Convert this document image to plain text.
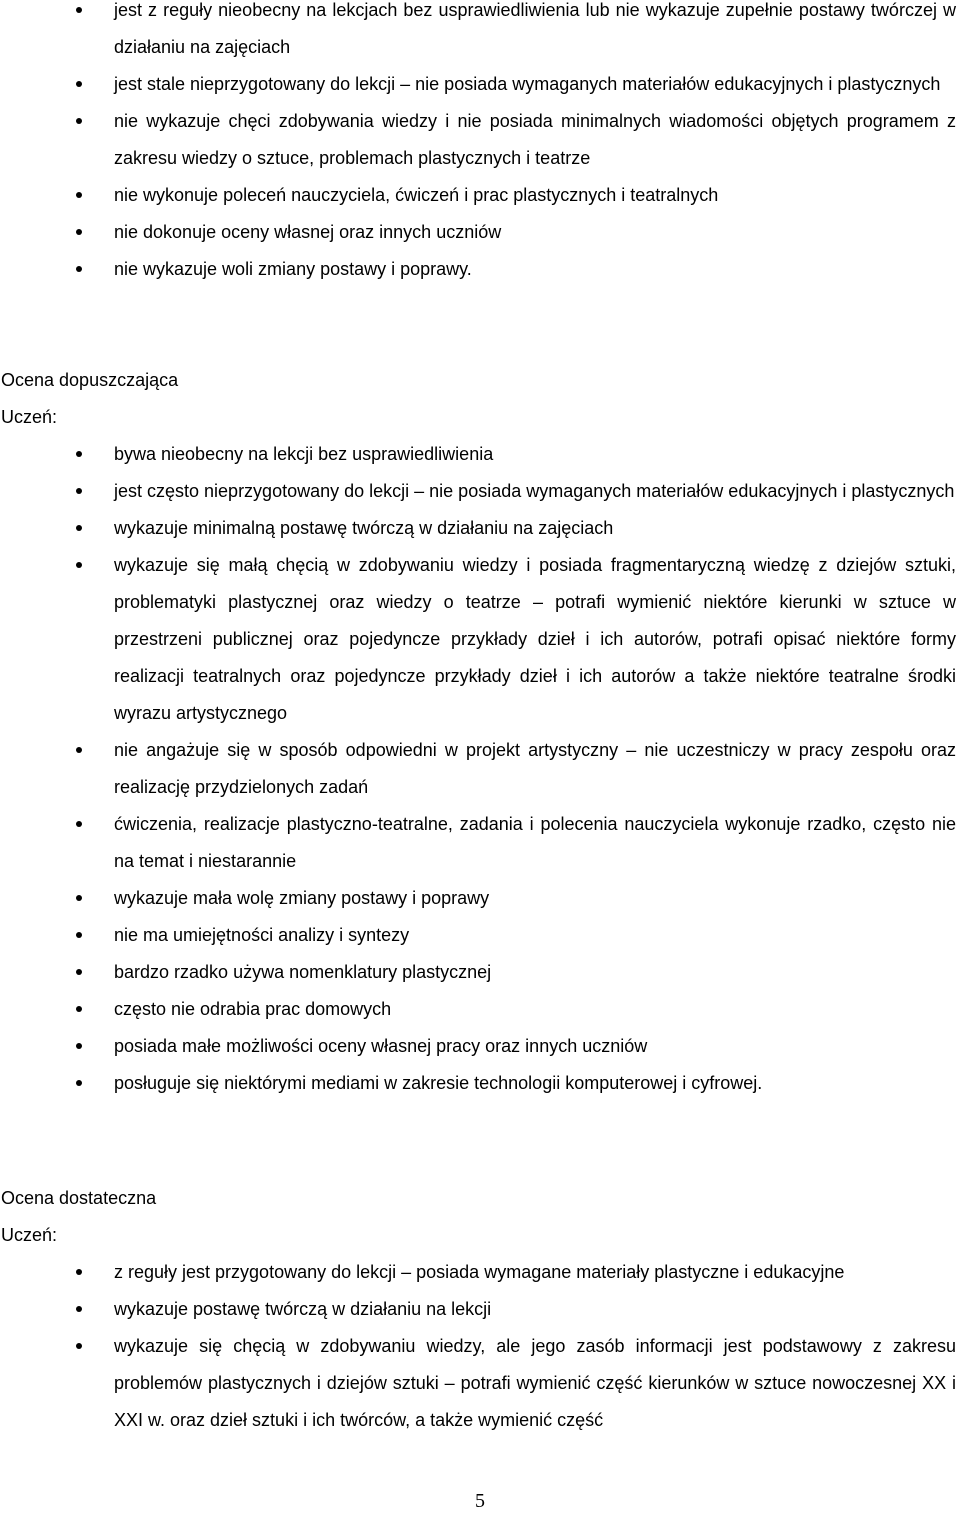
jest z reguły nieobecny na lekcjach bez usprawiedliwienia lub nie wykazuje zupełnie postawy twórczej w działaniu na zajęciach
jest stale nieprzygotowany do lekcji – nie posiada wymaganych materiałów edukacyjnych i plastycznych
nie wykazuje chęci zdobywania wiedzy i nie posiada minimalnych wiadomości objętych programem z zakresu wiedzy o sztuce, problemach plastycznych i teatrze
nie wykonuje poleceń nauczyciela, ćwiczeń i prac plastycznych i teatralnych
nie dokonuje oceny własnej oraz innych uczniów
nie wykazuje woli zmiany postawy i poprawy.

Ocena dopuszczająca

Uczeń:

bywa nieobecny na lekcji bez usprawiedliwienia
jest często nieprzygotowany do lekcji – nie posiada wymaganych materiałów edukacyjnych i plastycznych
wykazuje minimalną postawę twórczą w działaniu na zajęciach
wykazuje się małą chęcią w zdobywaniu wiedzy i posiada fragmentaryczną wiedzę z dziejów sztuki, problematyki plastycznej oraz wiedzy o teatrze – potrafi wymienić niektóre kierunki w sztuce w przestrzeni publicznej oraz pojedyncze przykłady dzieł i ich autorów, potrafi opisać niektóre formy realizacji teatralnych oraz pojedyncze przykłady dzieł i ich autorów a także niektóre teatralne środki wyrazu artystycznego
nie angażuje się w sposób odpowiedni w projekt artystyczny – nie uczestniczy w pracy zespołu oraz realizację przydzielonych zadań
ćwiczenia, realizacje plastyczno-teatralne, zadania i polecenia nauczyciela wykonuje rzadko, często nie na temat i niestarannie
wykazuje mała wolę zmiany postawy i poprawy
nie ma umiejętności analizy i syntezy
bardzo rzadko używa nomenklatury plastycznej
często nie odrabia prac domowych
posiada małe możliwości oceny własnej pracy oraz innych uczniów
posługuje się niektórymi mediami w zakresie technologii komputerowej i cyfrowej.

Ocena dostateczna

Uczeń:

z reguły jest przygotowany do lekcji – posiada wymagane materiały plastyczne i edukacyjne
wykazuje postawę twórczą w działaniu na lekcji
wykazuje się chęcią w zdobywaniu wiedzy, ale jego zasób informacji jest podstawowy z zakresu problemów plastycznych i dziejów sztuki – potrafi wymienić część kierunków w sztuce nowoczesnej XX i XXI w. oraz dzieł sztuki i ich twórców, a także wymienić część
5
